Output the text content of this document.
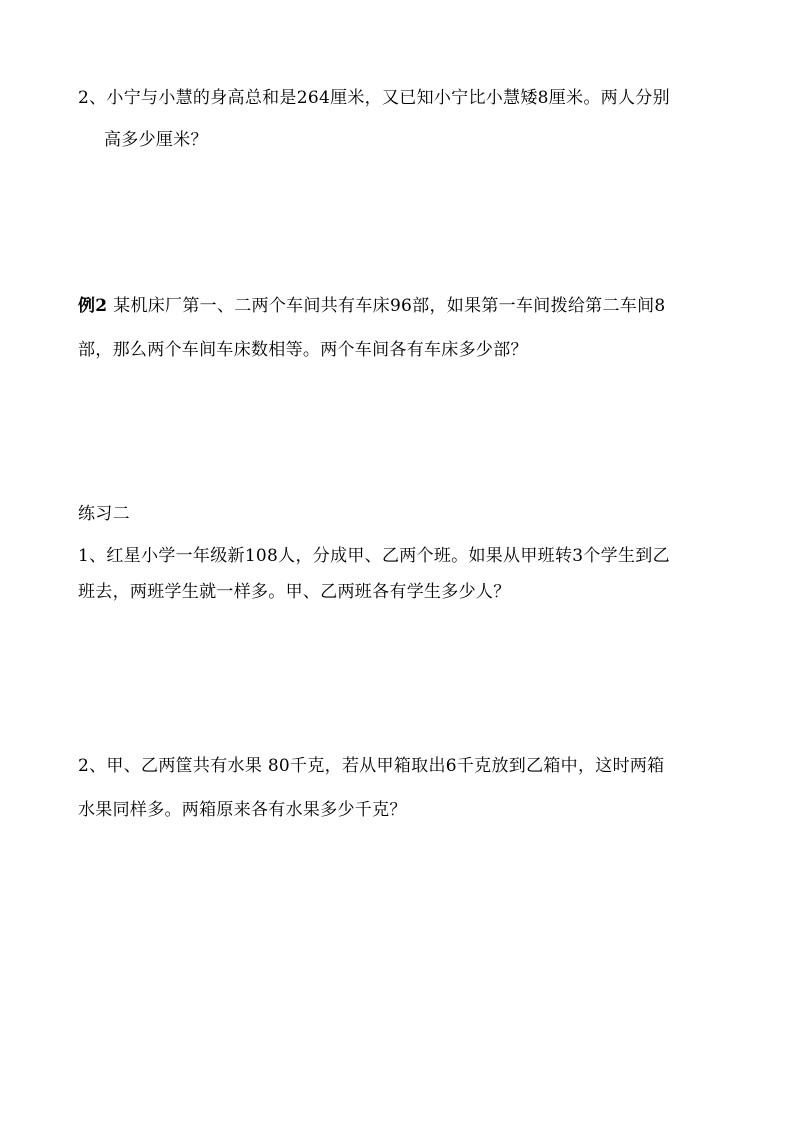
2、小宁与小慧的身高总和是264厘米，又已知小宁比小慧矮8厘米。两人分别
高多少厘米？
例2 某机床厂第一、二两个车间共有车床96部，如果第一车间拨给第二车间8
部，那么两个车间车床数相等。两个车间各有车床多少部？
练习二
1、红星小学一年级新108人，分成甲、乙两个班。如果从甲班转3个学生到乙
班去，两班学生就一样多。甲、乙两班各有学生多少人？
2、甲、乙两筐共有水果 80千克，若从甲箱取出6千克放到乙箱中，这时两箱
水果同样多。两箱原来各有水果多少千克？
